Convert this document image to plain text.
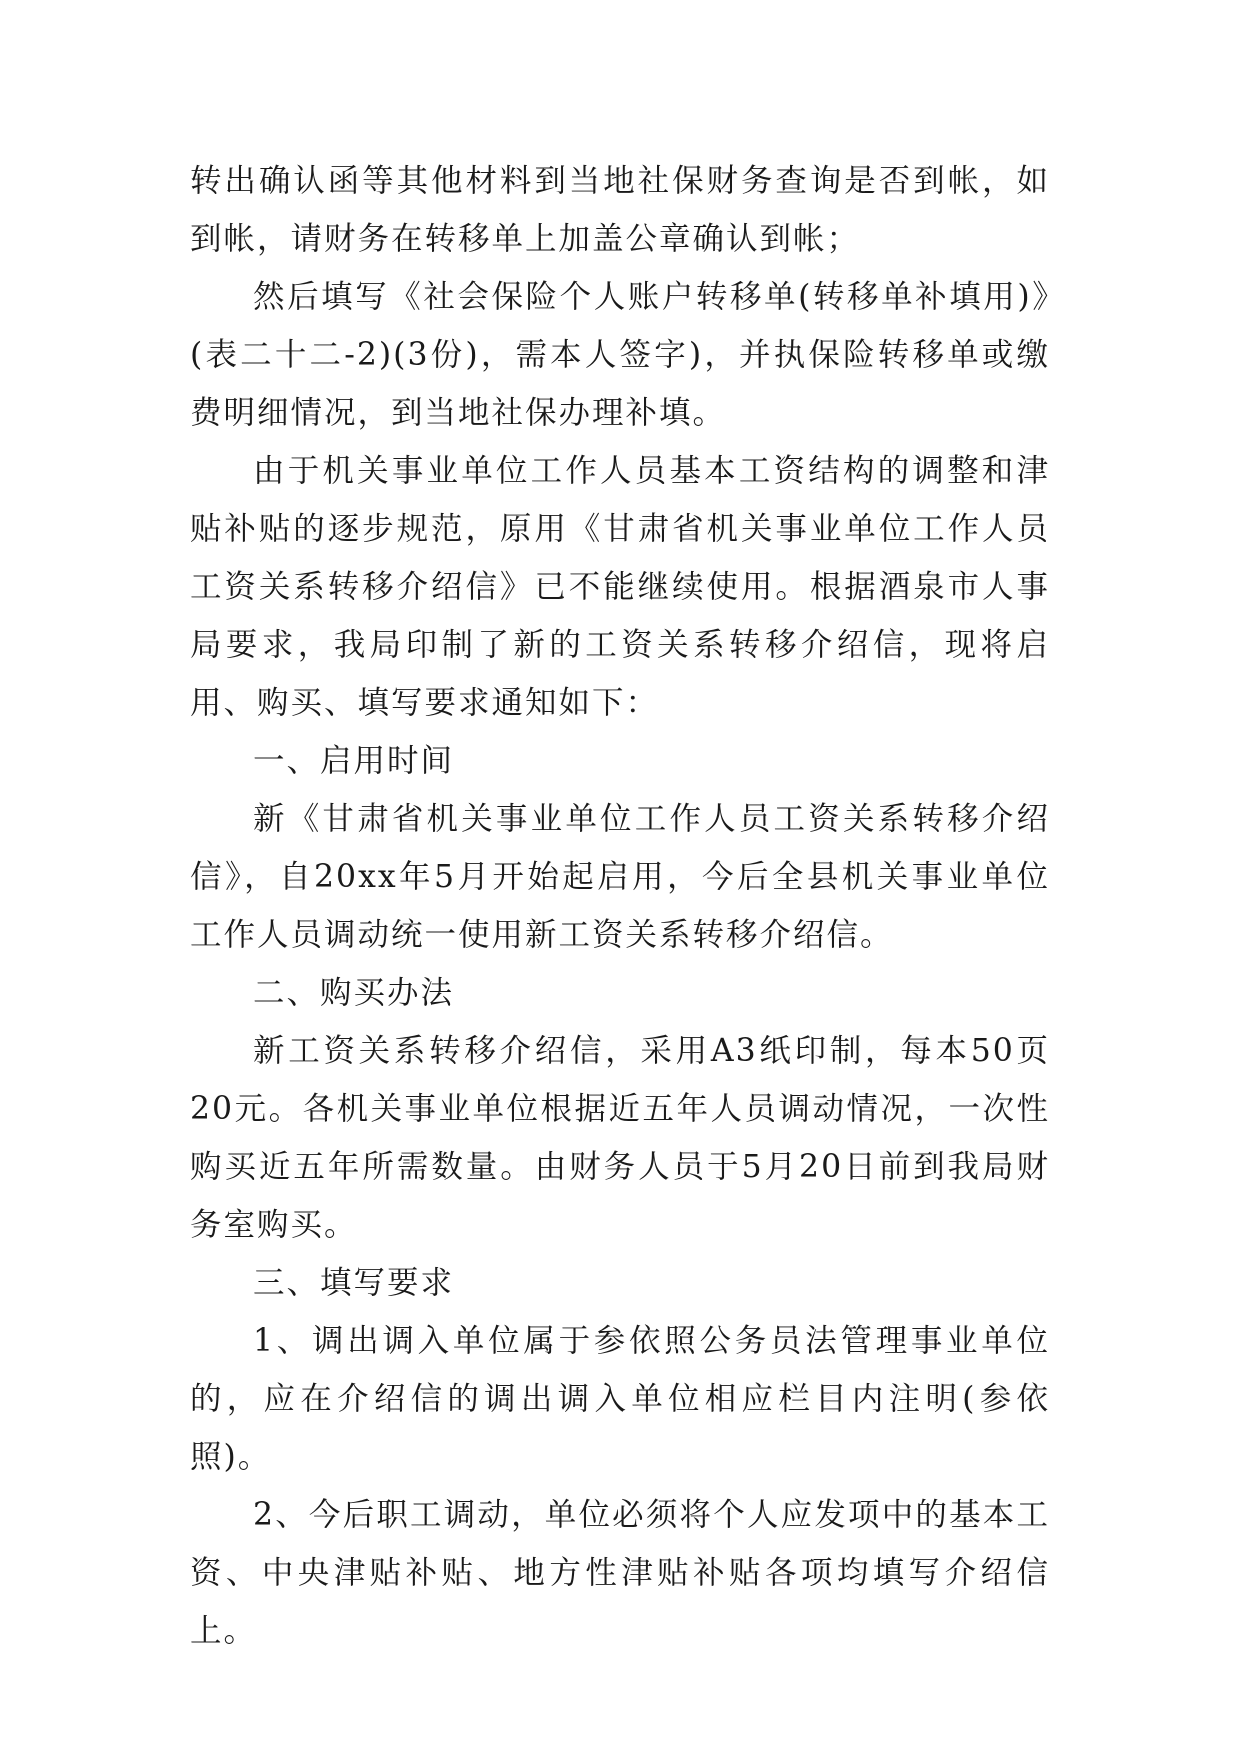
转出确认函等其他材料到当地社保财务查询是否到帐，如到帐，请财务在转移单上加盖公章确认到帐；

然后填写《社会保险个人账户转移单(转移单补填用)》(表二十二-2)(3份)，需本人签字)，并执保险转移单或缴费明细情况，到当地社保办理补填。

由于机关事业单位工作人员基本工资结构的调整和津贴补贴的逐步规范，原用《甘肃省机关事业单位工作人员工资关系转移介绍信》已不能继续使用。根据酒泉市人事局要求，我局印制了新的工资关系转移介绍信，现将启用、购买、填写要求通知如下：

一、启用时间

新《甘肃省机关事业单位工作人员工资关系转移介绍信》，自20xx年5月开始起启用，今后全县机关事业单位工作人员调动统一使用新工资关系转移介绍信。

二、购买办法

新工资关系转移介绍信，采用A3纸印制，每本50页20元。各机关事业单位根据近五年人员调动情况，一次性购买近五年所需数量。由财务人员于5月20日前到我局财务室购买。

三、填写要求

1、调出调入单位属于参依照公务员法管理事业单位的，应在介绍信的调出调入单位相应栏目内注明(参依照)。

2、今后职工调动，单位必须将个人应发项中的基本工资、中央津贴补贴、地方性津贴补贴各项均填写介绍信上。
